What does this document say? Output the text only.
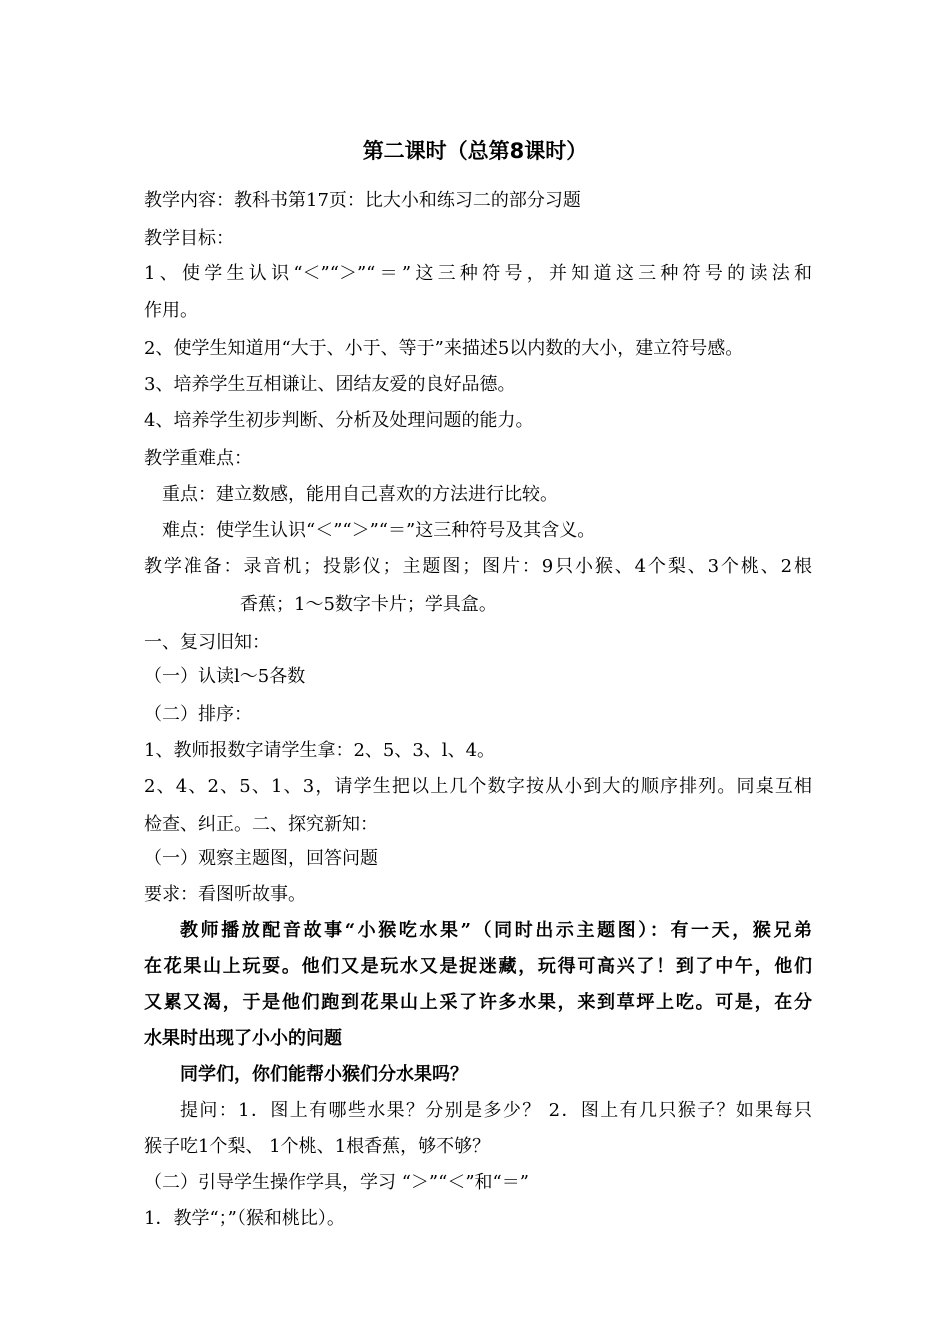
第二课时（总第8课时）
教学内容：教科书第17页：比大小和练习二的部分习题
教学目标：
1、使学生认识“＜”“＞”“＝”这三种符号，并知道这三种符号的读法和
作用。
2、使学生知道用“大于、小于、等于”来描述5以内数的大小，建立符号感。
3、培养学生互相谦让、团结友爱的良好品德。
4、培养学生初步判断、分析及处理问题的能力。
教学重难点：
重点：建立数感，能用自己喜欢的方法进行比较。
难点：使学生认识“＜”“＞”“＝”这三种符号及其含义。
教学准备：录音机；投影仪；主题图；图片：9只小猴、4个梨、3个桃、2根
香蕉；1～5数字卡片；学具盒。
一、复习旧知：
（一）认读l～5各数
（二）排序：
1、教师报数字请学生拿：2、5、3、l、4。
2、4、2、5、1、3，请学生把以上几个数字按从小到大的顺序排列。同桌互相
检查、纠正。二、探究新知：
（一）观察主题图，回答问题
要求：看图听故事。
教师播放配音故事“小猴吃水果”（同时出示主题图）：有一天，猴兄弟
在花果山上玩耍。他们又是玩水又是捉迷藏，玩得可高兴了！到了中午，他们
又累又渴，于是他们跑到花果山上采了许多水果，来到草坪上吃。可是，在分
水果时出现了小小的问题
同学们，你们能帮小猴们分水果吗？
提问：1．图上有哪些水果？分别是多少？ 2．图上有几只猴子？如果每只
猴子吃1个梨、 1个桃、1根香蕉，够不够？
（二）引导学生操作学具，学习 “＞”“＜”和“＝”
1．教学“；”（猴和桃比）。
